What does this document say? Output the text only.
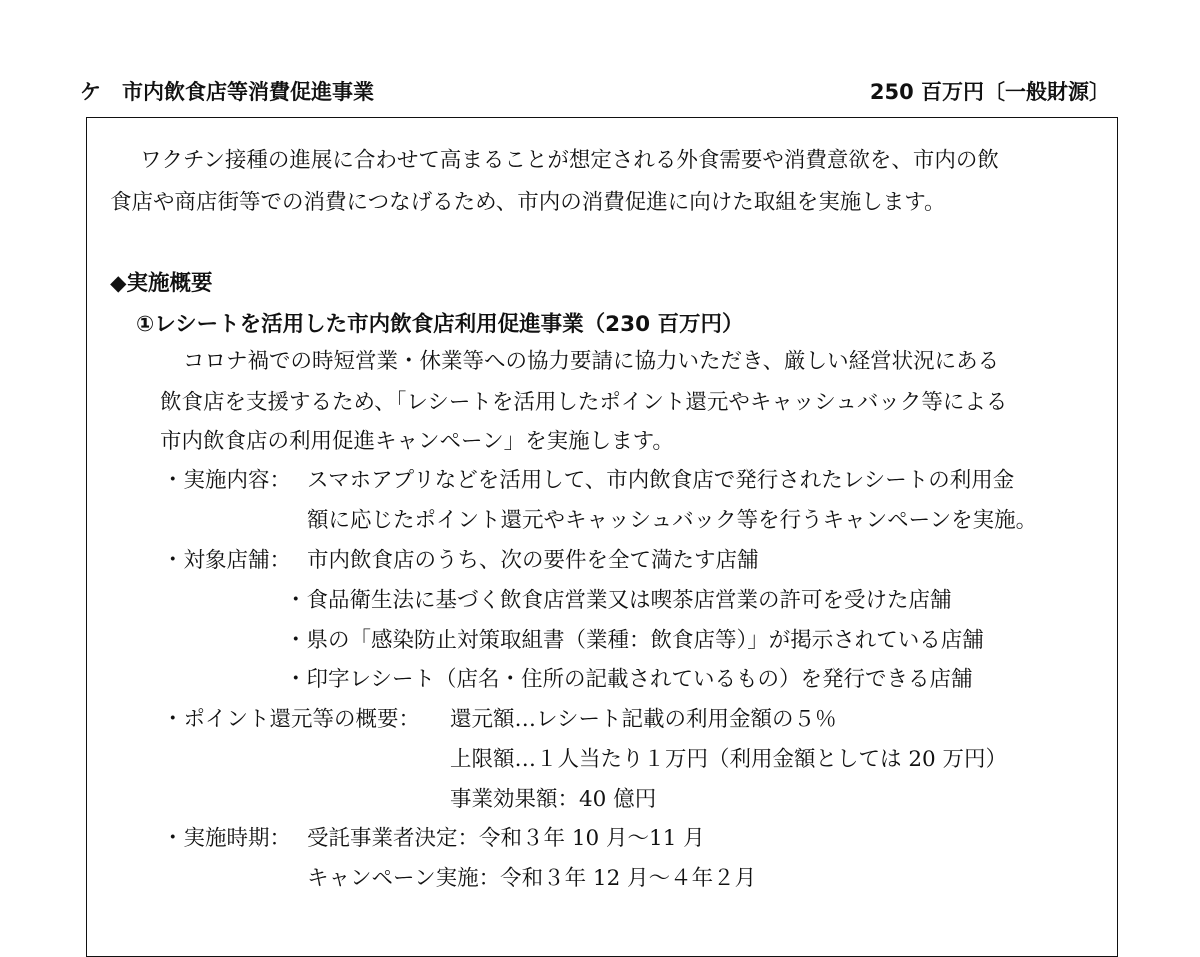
ケ　市内飲食店等消費促進事業	250 百万円〔一般財源〕
ワクチン接種の進展に合わせて高まることが想定される外食需要や消費意欲を、市内の飲
食店や商店街等での消費につなげるため、市内の消費促進に向けた取組を実施します。
◆実施概要
①レシートを活用した市内飲食店利用促進事業（230 百万円）
コロナ禍での時短営業・休業等への協力要請に協力いただき、厳しい経営状況にある
飲食店を支援するため、「レシートを活用したポイント還元やキャッシュバック等による
市内飲食店の利用促進キャンペーン」を実施します。
・実施内容： スマホアプリなどを活用して、市内飲食店で発行されたレシートの利用金
額に応じたポイント還元やキャッシュバック等を行うキャンペーンを実施。
・対象店舗： 市内飲食店のうち、次の要件を全て満たす店舗
・食品衛生法に基づく飲食店営業又は喫茶店営業の許可を受けた店舗
・県の「感染防止対策取組書（業種：飲食店等）」が掲示されている店舗
・印字レシート（店名・住所の記載されているもの）を発行できる店舗
・ポイント還元等の概要： 還元額…レシート記載の利用金額の５％
上限額…１人当たり１万円（利用金額としては 20 万円）
事業効果額：40 億円
・実施時期： 受託事業者決定：令和３年 10 月～11 月
キャンペーン実施：令和３年 12 月～４年２月
